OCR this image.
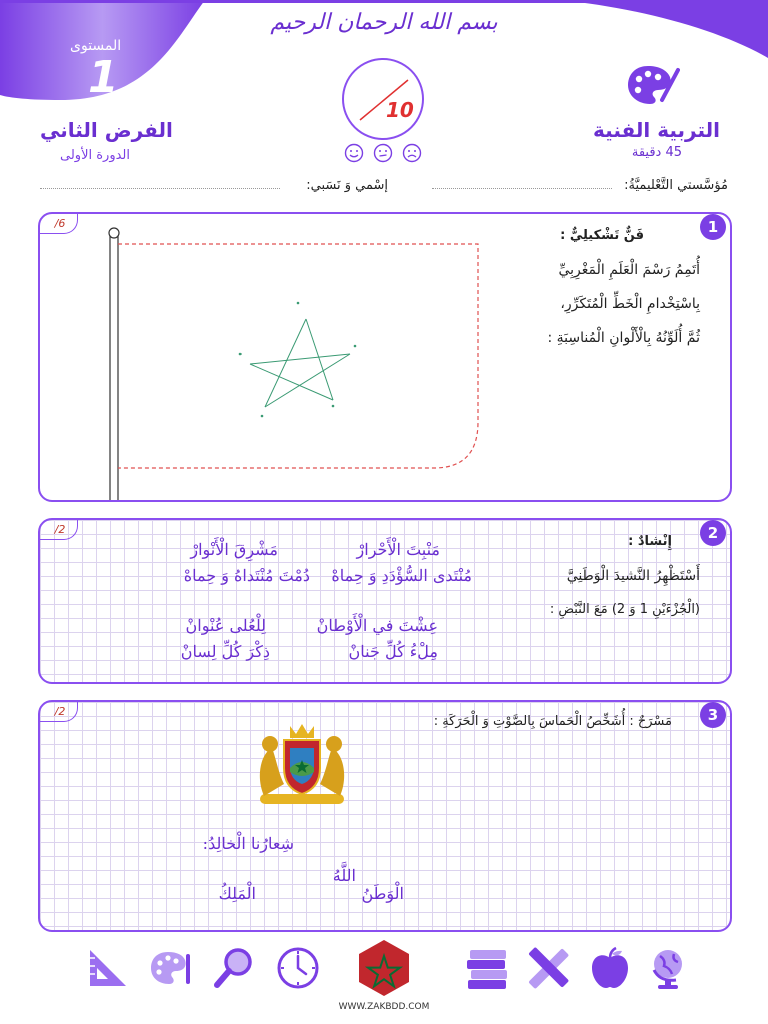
بسم الله الرحمان الرحيم
المستوى
1
التربية الفنية
45 دقيقة
الفرض الثاني
الدورة الأولى
10
مُؤسَّستي التَّعْليميَّةُ:
إسْمي وَ نَسَبي:
6/	1
فَنٌّ تَشْكيلِيٌّ :
أُتَمِمُ رَسْمَ الْعَلَمِ الْمَغْرِبِيِّ
بِاسْتِخْدامِ الْخَطِّ الْمُتَكَرِّرِ،
ثُمَّ أُلَوِّنُهُ بِالْأَلْوانِ الْمُناسِبَةِ :
2/	2
إِنْشادٌ :
أَسْتَظْهِرُ النَّشيدَ الْوَطَنِيَّ
(الْجُزْءَيْنِ 1 وَ 2) مَعَ النَّبْضِ :
مَنْبِتَ الْأَحْرارْ
مَشْرِقَ الْأَنْوارْ
مُنْتَدى السُّؤْدَدِ وَ حِماهْ
دُمْتَ مُنْتَداهُ وَ حِماهْ
عِشْتَ في الْأَوْطانْ
لِلْعُلى عُنْوانْ
مِلْءُ كُلِّ جَنانْ
ذِكْرَ كُلِّ لِسانْ
2/	3
مَسْرَحٌ : أُشَخِّصُ الْحَماسَ بِالصَّوْتِ وَ الْحَرَكَةِ :
شِعارُنا الْخالِدُ:
اللَّهُ
الْوَطَنُ
الْمَلِكُ
WWW.ZAKBDD.COM
